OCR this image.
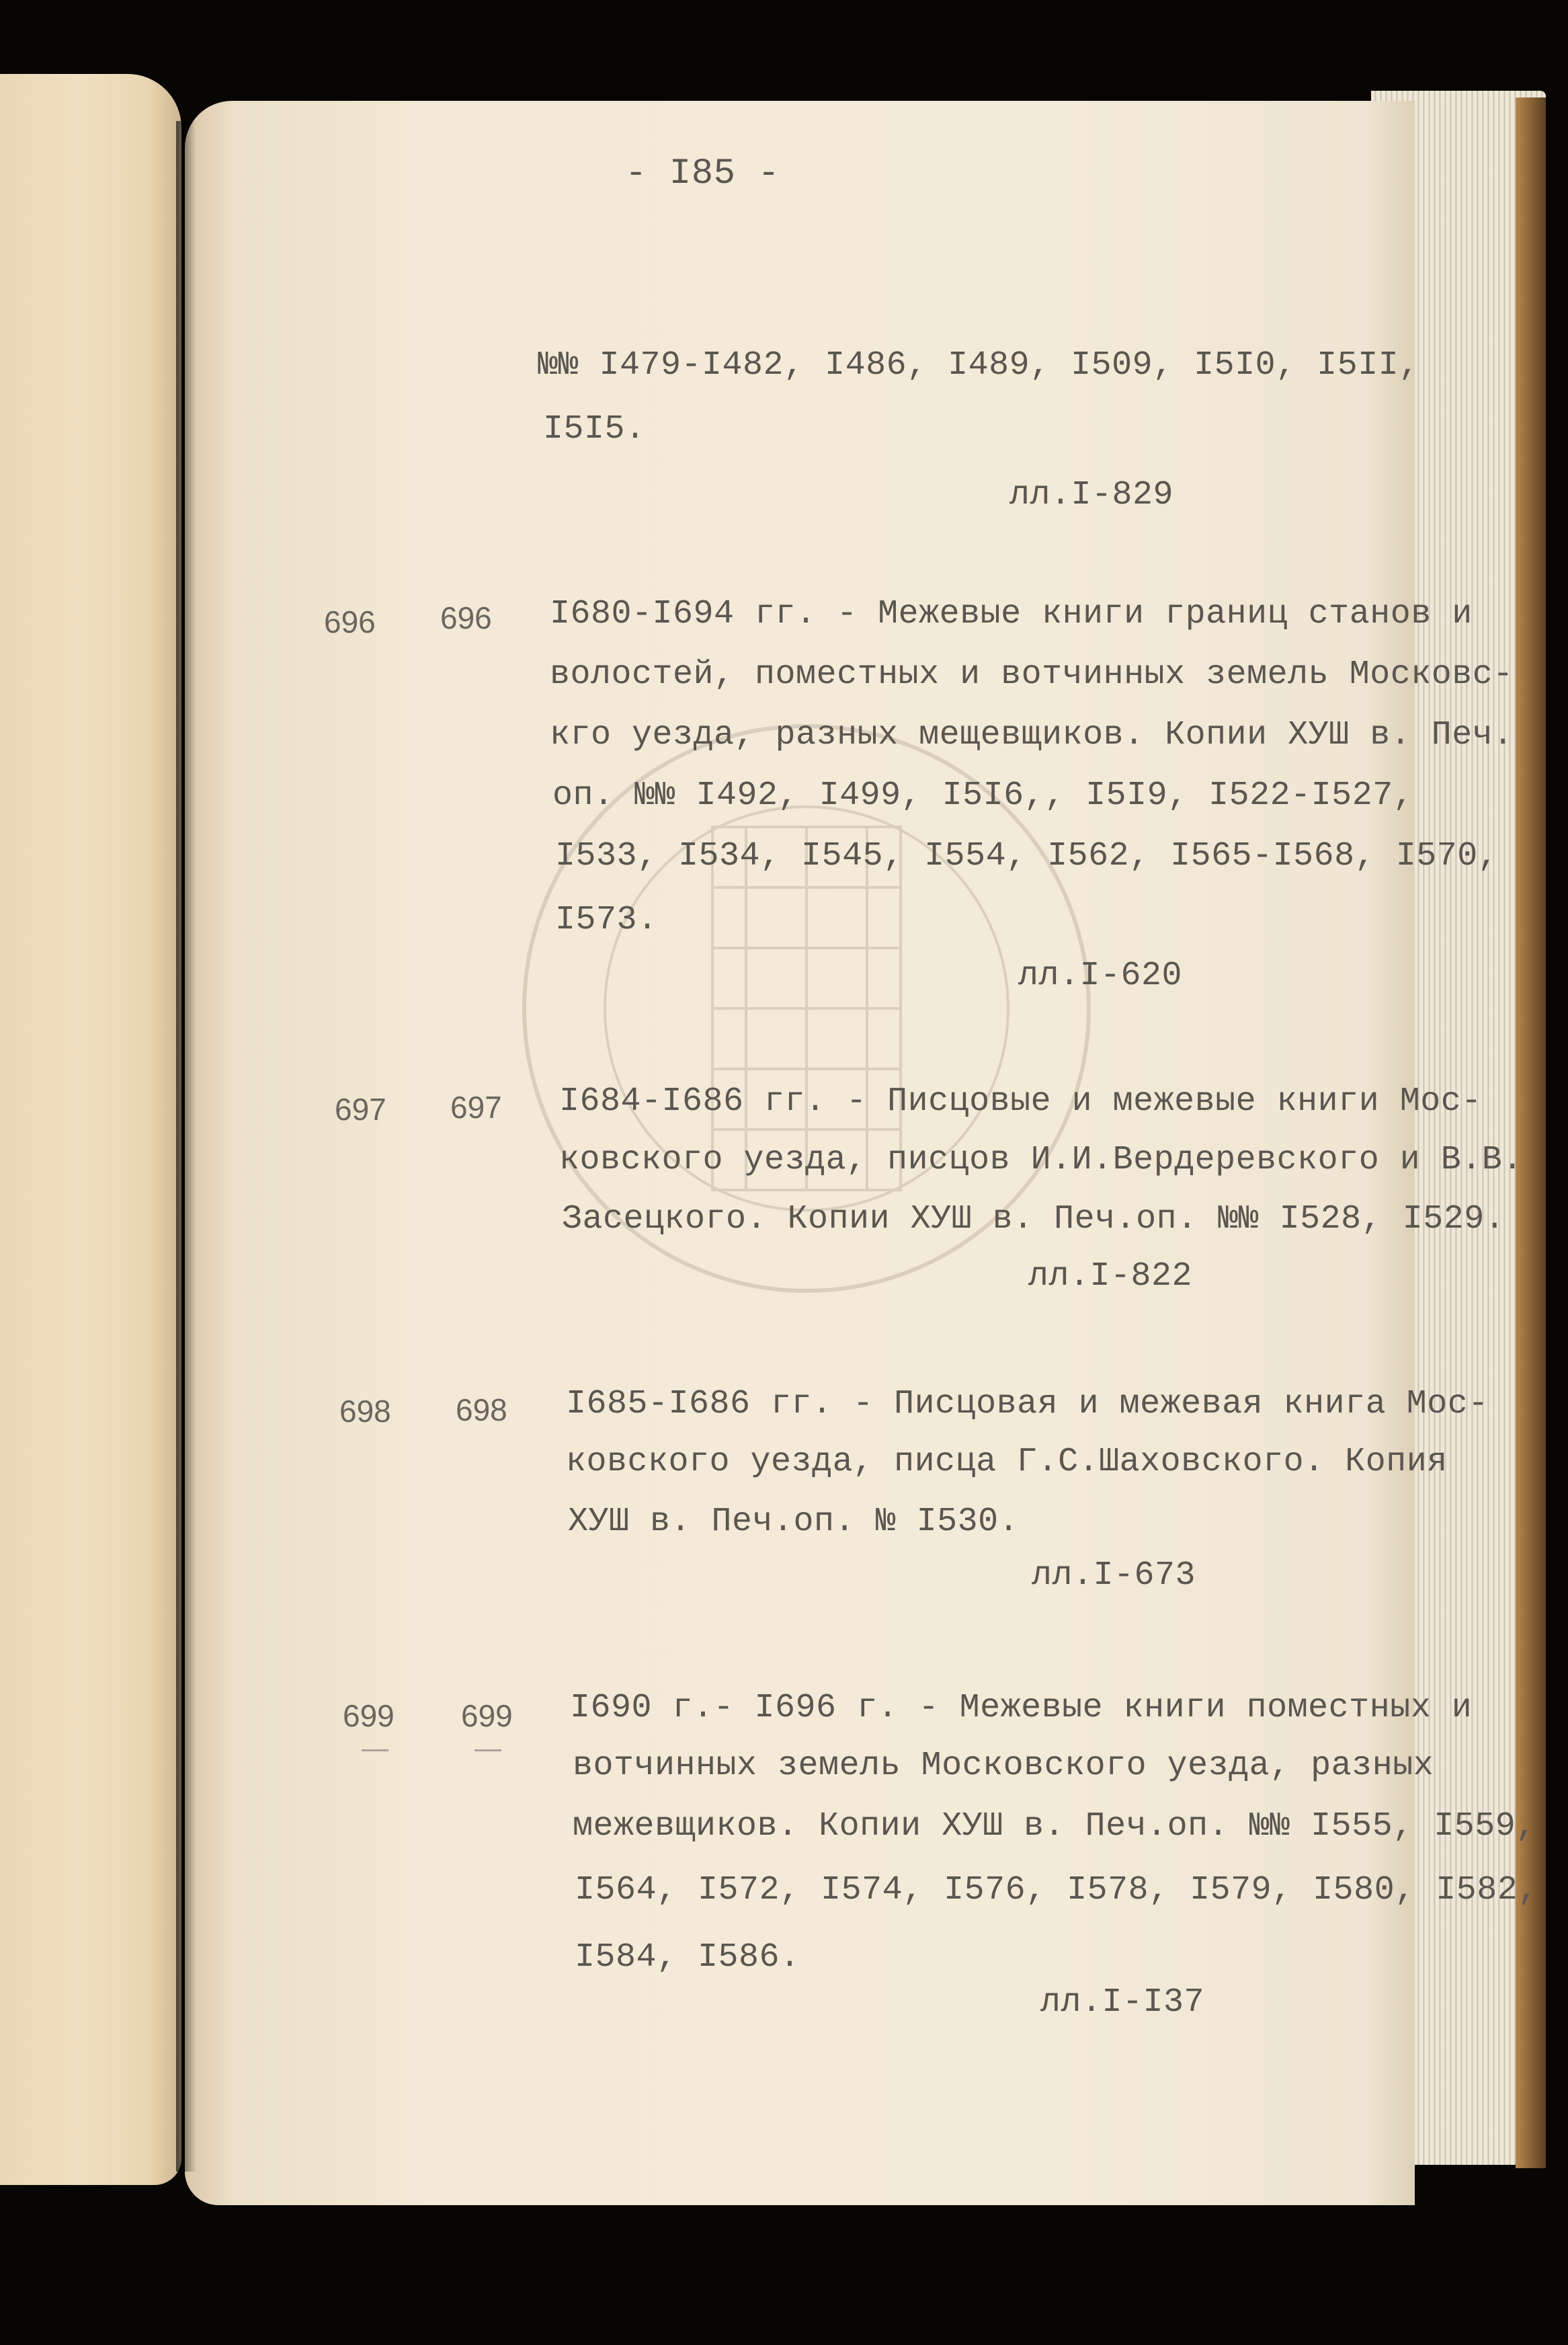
- I85 -
№№ I479-I482, I486, I489, I509, I5I0, I5II,
I5I5.
лл.I-829
696 696 I680-I694 гг. - Межевые книги границ станов и
волостей, поместных и вотчинных земель Московс-
кго уезда, разных мещевщиков. Копии ХУШ в. Печ.
оп. №№ I492, I499, I5I6,, I5I9, I522-I527,
I533, I534, I545, I554, I562, I565-I568, I570,
I573.
лл.I-620
697 697 I684-I686 гг. - Писцовые и межевые книги Мос-
ковского уезда, писцов И.И.Вердеревского и В.В.
Засецкого. Копии ХУШ в. Печ.оп. №№ I528, I529.
лл.I-822
698 698 I685-I686 гг. - Писцовая и межевая книга Мос-
ковского уезда, писца Г.С.Шаховского. Копия
ХУШ в. Печ.оп. № I530.
лл.I-673
699 699 I690 г.- I696 г. - Межевые книги поместных и
вотчинных земель Московского уезда, разных
межевщиков. Копии ХУШ в. Печ.оп. №№ I555, I559,
I564, I572, I574, I576, I578, I579, I580, I582,
I584, I586.
лл.I-I37
